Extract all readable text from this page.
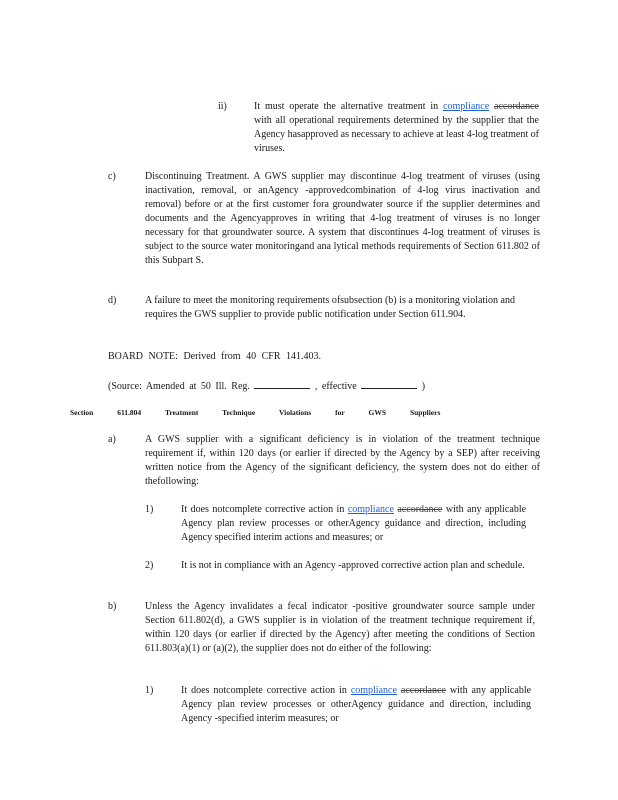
ii)	It must operate the alternative treatment in compliance accordance with all operational requirements determined by the supplier that the Agency hasapproved as necessary to achieve at least 4-log treatment of viruses.

c)	Discontinuing Treatment. A GWS supplier may discontinue 4-log treatment of viruses (using inactivation, removal, or anAgency -approvedcombination of 4-log virus inactivation and removal) before or at the first customer fora groundwater source if the supplier determines and documents and the Agencyapproves in writing that 4-log treatment of viruses is no longer necessary for that groundwater source. A system that discontinues 4-log treatment of viruses is subject to the source water monitoringand ana lytical methods requirements of Section 611.802 of this Subpart S.

d)	A failure to meet the monitoring requirements ofsubsection (b) is a monitoring violation and requires the GWS supplier to provide public notification under Section 611.904.

BOARD NOTE: Derived from 40 CFR 141.403.

(Source: Amended at 50 Ill. Reg.	, effective	)

Section	611.804	Treatment	Technique	Violations	for	GWS	Suppliers

a)	A GWS supplier with a significant deficiency is in violation of the treatment technique requirement if, within 120 days (or earlier if directed by the Agency by a SEP) after receiving written notice from the Agency of the significant deficiency, the system does not do either of thefollowing:

1)	It does notcomplete corrective action in compliance accordance with any applicable Agency plan review processes or otherAgency guidance and direction, including Agency specified interim actions and measures; or

2)	It is not in compliance with an Agency -approved corrective action plan and schedule.

b)	Unless the Agency invalidates a fecal indicator -positive groundwater source sample under Section 611.802(d), a GWS supplier is in violation of the treatment technique requirement if, within 120 days (or earlier if directed by the Agency) after meeting the conditions of Section 611.803(a)(1) or (a)(2), the supplier does not do either of the following:

1)	It does notcomplete corrective action in compliance accordance with any applicable Agency plan review processes or otherAgency guidance and direction, including Agency -specified interim measures; or
